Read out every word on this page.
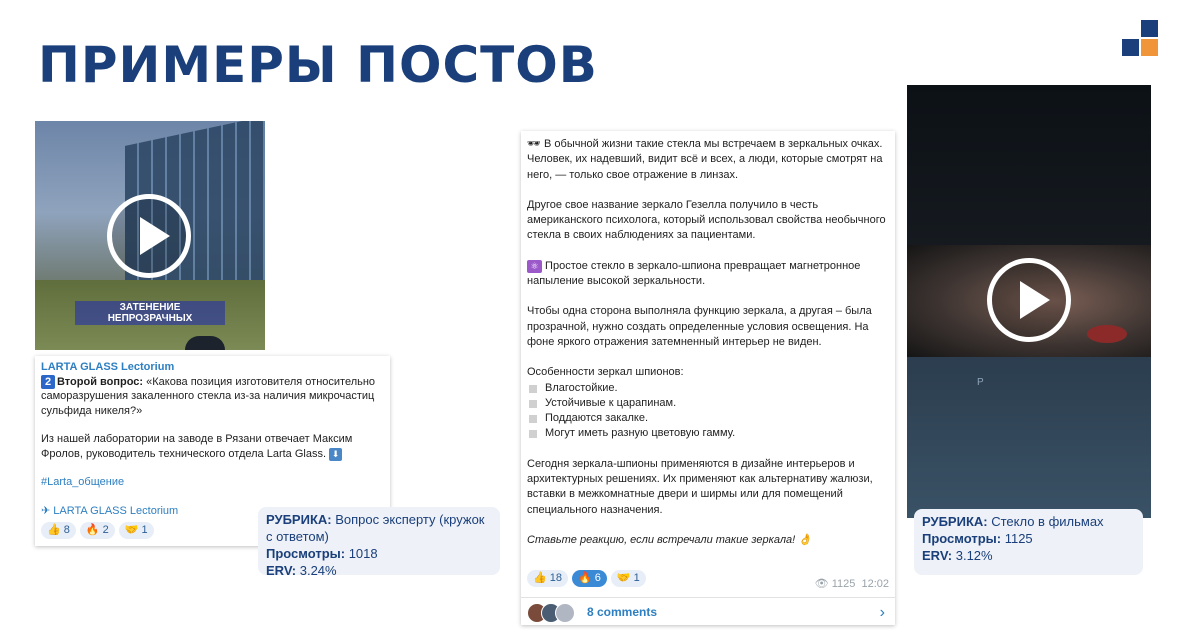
ПРИМЕРЫ ПОСТОВ
ЗАТЕНЕНИЕ НЕПРОЗРАЧНЫХ
LARTA GLASS Lectorium
2 Второй вопрос: «Какова позиция изготовителя относительно саморазрушения закаленного стекла из-за наличия микрочастиц сульфида никеля?»
Из нашей лаборатории на заводе в Рязани отвечает Максим Фролов, руководитель технического отдела Larta Glass. ⬇
#Larta_общение
✈ LARTA GLASS Lectorium
👍 8	🔥 2	🤝 1
РУБРИКА: Вопрос эксперту (кружок с ответом)
Просмотры: 1018
ERV: 3.24%
🕶 В обычной жизни такие стекла мы встречаем в зеркальных очках. Человек, их надевший, видит всё и всех, а люди, которые смотрят на него, — только свое отражение в линзах.
Другое свое название зеркало Гезелла получило в честь американского психолога, который использовал свойства необычного стекла в своих наблюдениях за пациентами.
⚛ Простое стекло в зеркало-шпиона превращает магнетронное напыление высокой зеркальности.
Чтобы одна сторона выполняла функцию зеркала, а другая – была прозрачной, нужно создать определенные условия освещения. На фоне яркого отражения затемненный интерьер не виден.
Особенности зеркал шпионов:
Влагостойкие.
Устойчивые к царапинам.
Поддаются закалке.
Могут иметь разную цветовую гамму.
Сегодня зеркала-шпионы применяются в дизайне интерьеров и архитектурных решениях. Их применяют как альтернативу жалюзи, вставки в межкомнатные двери и ширмы или для помещений специального назначения.
Ставьте реакцию, если встречали такие зеркала! 👌
👍 18	🔥 6	🤝 1	👁 1125 12:02
8 comments	›
P
РУБРИКА: Стекло в фильмах
Просмотры: 1125
ERV: 3.12%
